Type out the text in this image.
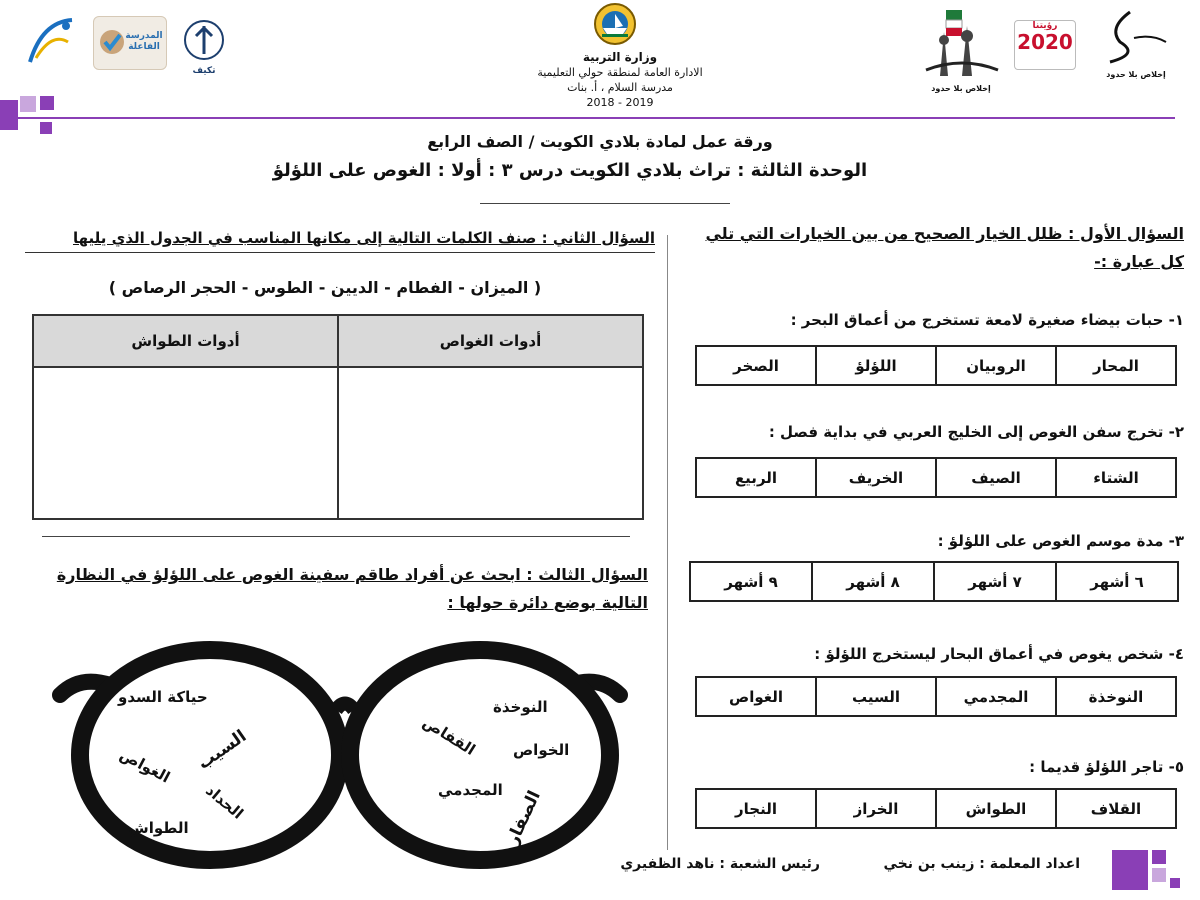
المدرسة الفاعلة
تكيف
وزارة التربية
الادارة العامة لمنطقة حولي التعليمية
مدرسة السلام ، أ. بنات
2018 - 2019
إخلاص بلا حدود
رؤيتنا
2020
إخلاص بلا حدود
ورقة عمل لمادة بلادي الكويت / الصف الرابع
الوحدة الثالثة : تراث بلادي الكويت درس ٣ : أولا : الغوص على اللؤلؤ
السؤال الأول : ظلل الخيار الصحيح من بين الخيارات التي تلي
كل عبارة :-
١- حبات بيضاء صغيرة لامعة تستخرج من أعماق البحر :
المحار	الروبيان	اللؤلؤ	الصخر
٢- تخرج سفن الغوص إلى الخليج العربي في بداية فصل :
الشتاء	الصيف	الخريف	الربيع
٣- مدة موسم الغوص على اللؤلؤ :
٦ أشهر	٧ أشهر	٨ أشهر	٩ أشهر
٤- شخص يغوص في أعماق البحار ليستخرج اللؤلؤ :
النوخذة	المجدمي	السيب	الغواص
٥- تاجر اللؤلؤ قديما :
القلاف	الطواش	الخراز	النجار
السؤال الثاني : صنف الكلمات التالية إلى مكانها المناسب في الجدول الذي يليها
( الميزان - الفطام - الديين - الطوس - الحجر الرصاص )
أدوات الغواص	أدوات الطواش

السؤال الثالث : ابحث عن أفراد طاقم سفينة الغوص على اللؤلؤ في النظارة
التالية بوضع دائرة حولها :
حياكة السدو
الغواص السيب
الحداد
الطواش
النوخذة
القفاص الخواص
المجدمي الصفار
اعداد المعلمة : زينب بن نخي
رئيس الشعبة : ناهد الظفيري
